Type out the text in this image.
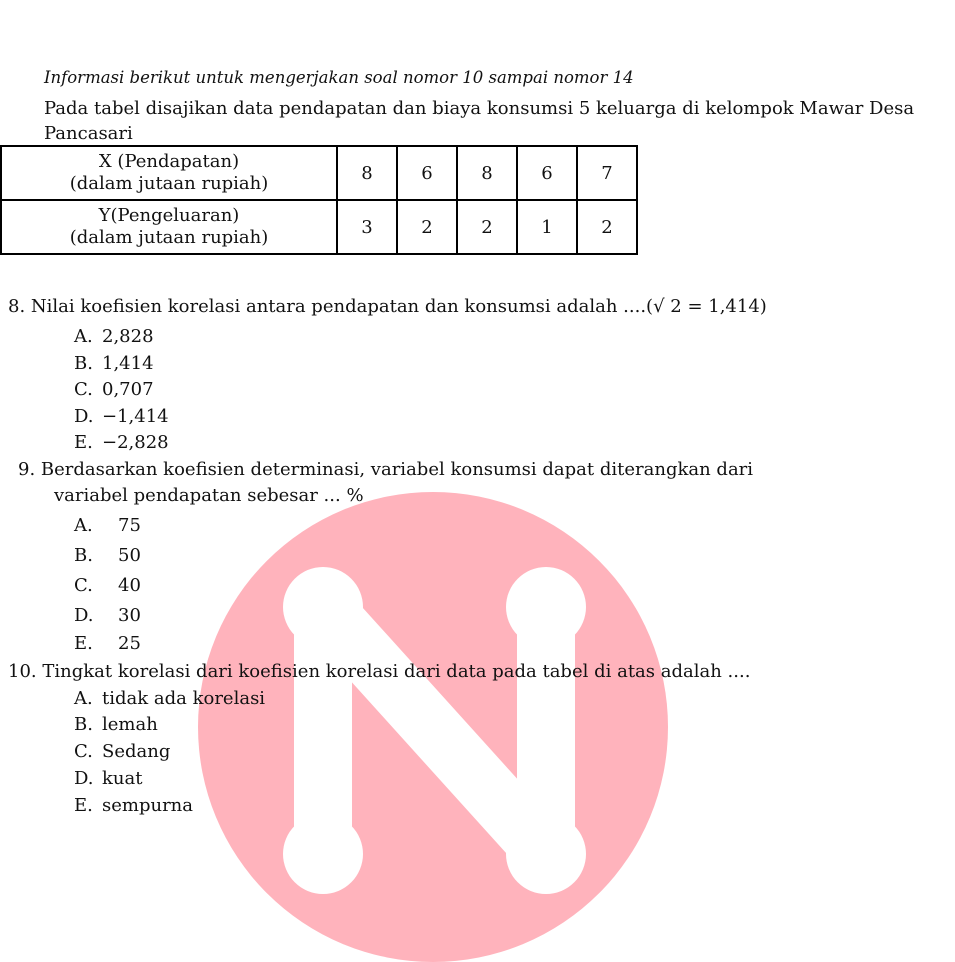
Informasi berikut untuk mengerjakan soal nomor 10 sampai nomor 14
Pada tabel disajikan data pendapatan dan biaya konsumsi 5 keluarga di kelompok Mawar Desa Pancasari
X (Pendapatan)
(dalam jutaan rupiah)	8	6	8	6	7

Y(Pengeluaran)
(dalam jutaan rupiah)	3	2	2	1	2
8. Nilai koefisien korelasi antara pendapatan dan konsumsi adalah ....(√ 2 = 1,414)
A. 2,828
B. 1,414
C. 0,707
D. −1,414
E. −2,828
9. Berdasarkan koefisien determinasi, variabel konsumsi dapat diterangkan dari
variabel pendapatan sebesar ... %
A. 75
B. 50
C. 40
D. 30
E. 25
10. Tingkat korelasi dari koefisien korelasi dari data pada tabel di atas adalah ....
A. tidak ada korelasi
B. lemah
C. Sedang
D. kuat
E. sempurna
